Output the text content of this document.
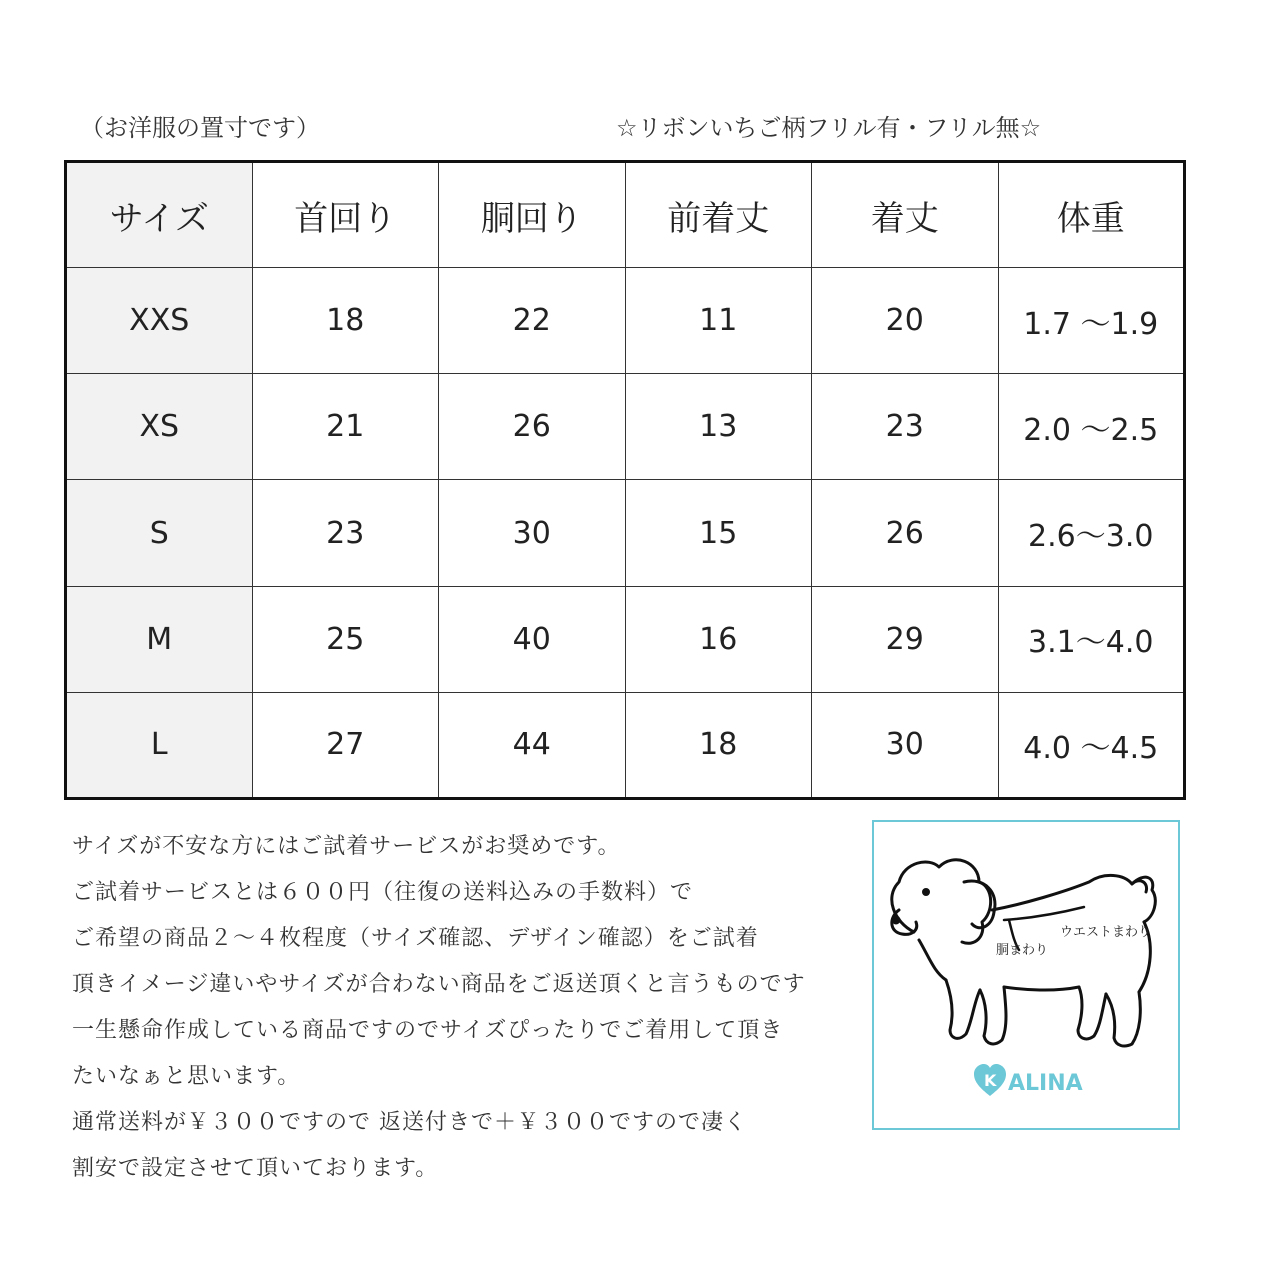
（お洋服の置寸です）	☆リボンいちご柄フリル有・フリル無☆
サイズ	首回り	胴回り	前着丈	着丈	体重
XXS	18	22	11	20	1.7 〜1.9
XS	21	26	13	23	2.0 〜2.5
S	23	30	15	26	2.6〜3.0
M	25	40	16	29	3.1〜4.0
L	27	44	18	30	4.0 〜4.5
サイズが不安な方にはご試着サービスがお奨めです。
ご試着サービスとは６００円（往復の送料込みの手数料）で
ご希望の商品２〜４枚程度（サイズ確認、デザイン確認）をご試着
頂きイメージ違いやサイズが合わない商品をご返送頂くと言うものです
一生懸命作成している商品ですのでサイズぴったりでご着用して頂き
たいなぁと思います。
通常送料が￥３００ですので 返送付きで＋￥３００ですので凄く
割安で設定させて頂いております。
ウエストまわり
胴まわり
K ALINA
